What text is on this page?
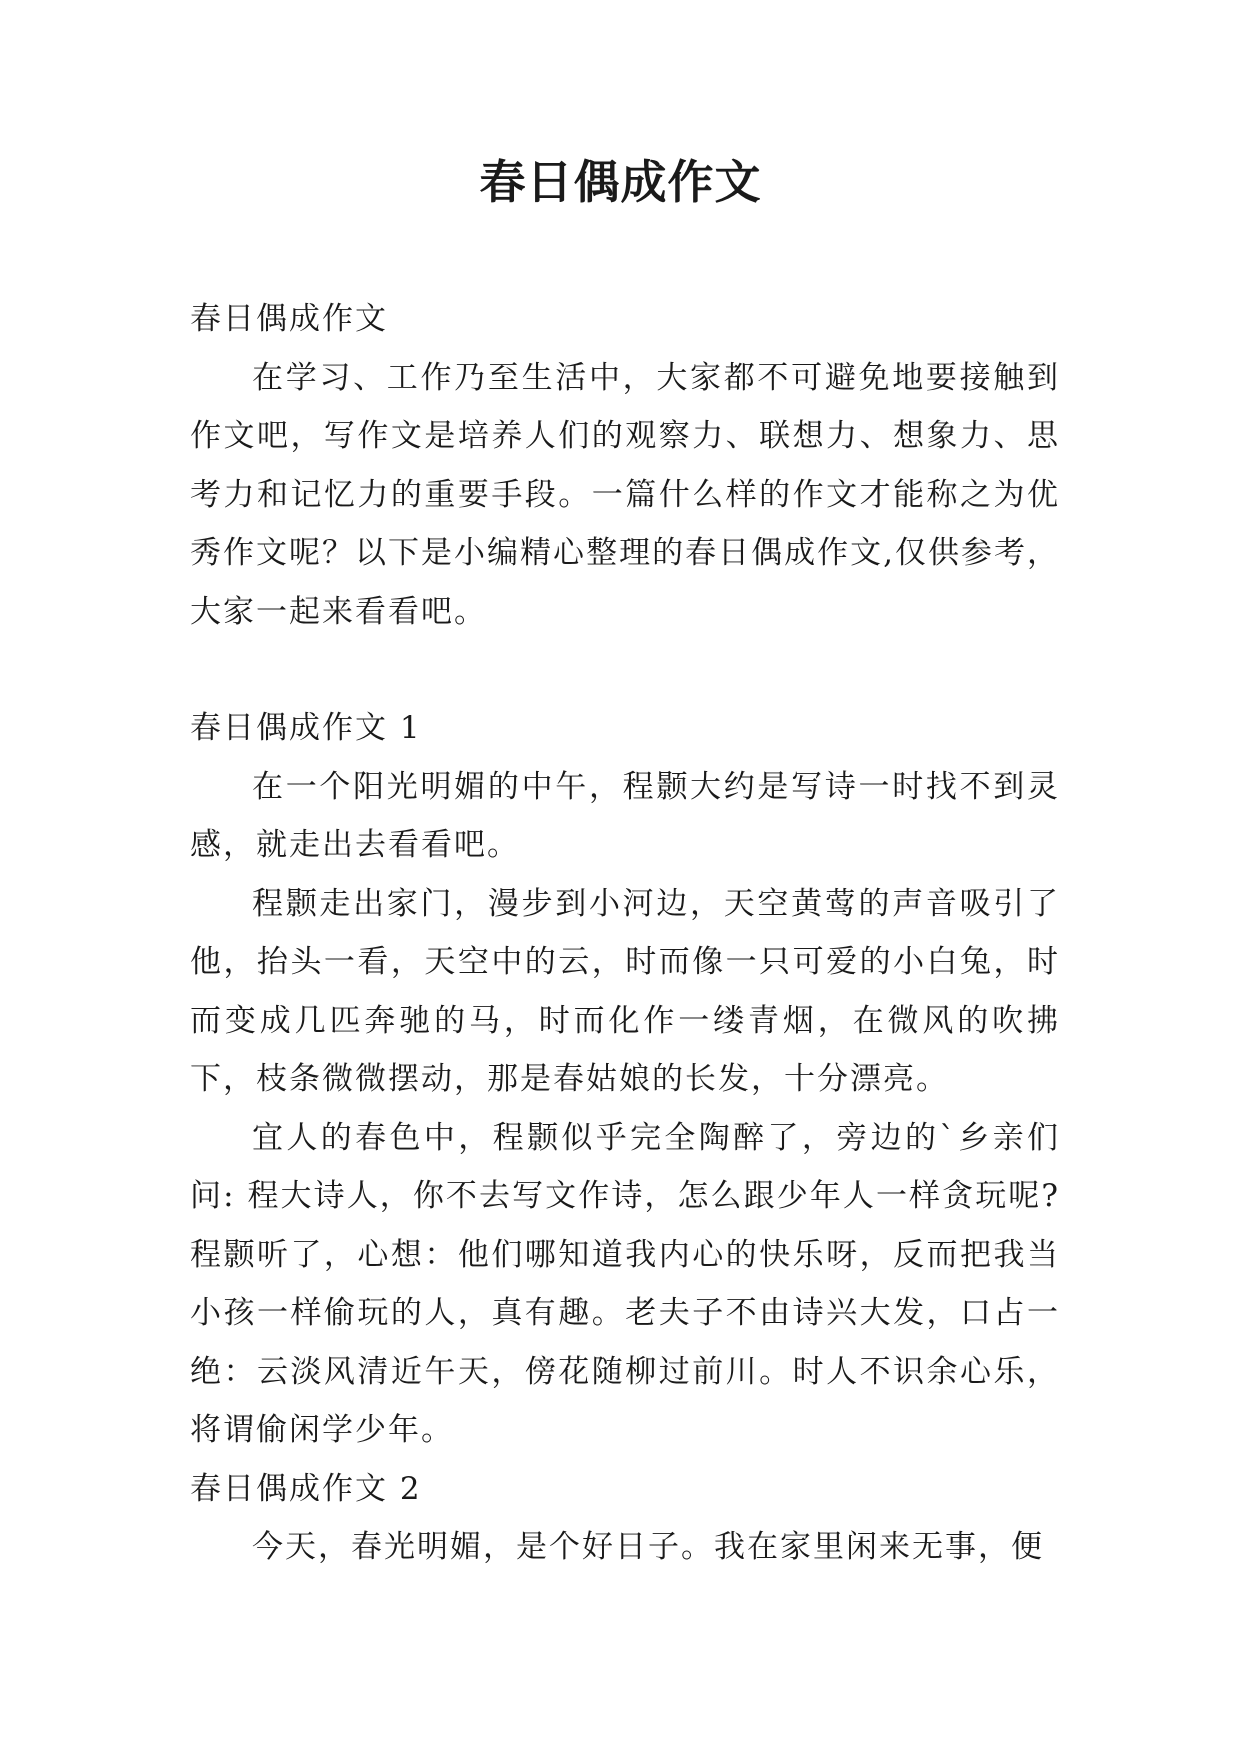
春日偶成作文

春日偶成作文

在学习、工作乃至生活中，大家都不可避免地要接触到作文吧，写作文是培养人们的观察力、联想力、想象力、思考力和记忆力的重要手段。一篇什么样的作文才能称之为优秀作文呢？以下是小编精心整理的春日偶成作文,仅供参考，大家一起来看看吧。

春日偶成作文 1

在一个阳光明媚的中午，程颢大约是写诗一时找不到灵感，就走出去看看吧。

程颢走出家门，漫步到小河边，天空黄莺的声音吸引了他，抬头一看，天空中的云，时而像一只可爱的小白兔，时而变成几匹奔驰的马，时而化作一缕青烟，在微风的吹拂下，枝条微微摆动，那是春姑娘的长发，十分漂亮。

宜人的春色中，程颢似乎完全陶醉了，旁边的`乡亲们问: 程大诗人，你不去写文作诗，怎么跟少年人一样贪玩呢?程颢听了，心想：他们哪知道我内心的快乐呀，反而把我当小孩一样偷玩的人，真有趣。老夫子不由诗兴大发，口占一绝：云淡风清近午天，傍花随柳过前川。时人不识余心乐，将谓偷闲学少年。

春日偶成作文 2

今天，春光明媚，是个好日子。我在家里闲来无事，便
